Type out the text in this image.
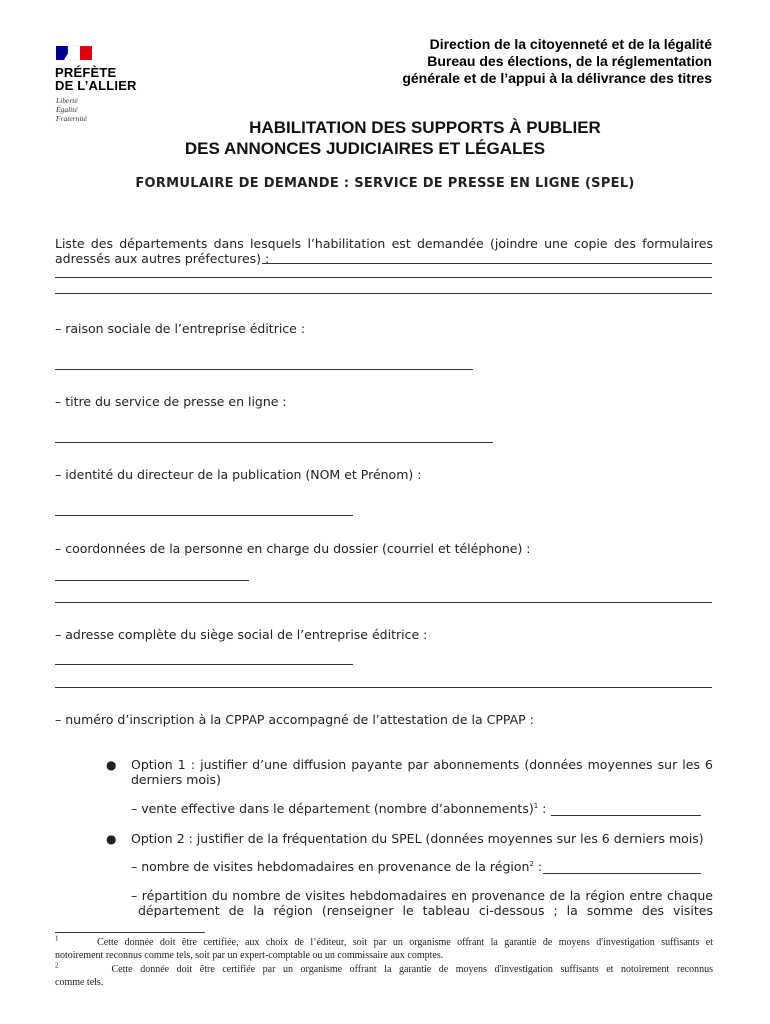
PRÉFÈTE
DE L’ALLIER
Liberté
Égalité
Fraternité
Direction de la citoyenneté et de la légalité
Bureau des élections, de la réglementation
générale et de l’appui à la délivrance des titres
HABILITATION DES SUPPORTS À PUBLIER
DES ANNONCES JUDICIAIRES ET LÉGALES
FORMULAIRE DE DEMANDE : SERVICE DE PRESSE EN LIGNE (SPEL)
Liste des départements dans lesquels l’habilitation est demandée (joindre une copie des formulaires
adressés aux autres préfectures) :
– raison sociale de l’entreprise éditrice :
– titre du service de presse en ligne :
– identité du directeur de la publication (NOM et Prénom) :
– coordonnées de la personne en charge du dossier (courriel et téléphone) :
– adresse complète du siège social de l’entreprise éditrice :
– numéro d’inscription à la CPPAP accompagné de l’attestation de la CPPAP :
● Option 1 : justifier d’une diffusion payante par abonnements (données moyennes sur les 6
derniers mois)
– vente effective dans le département (nombre d’abonnements)$^1$ :
● Option 2 : justifier de la fréquentation du SPEL (données moyennes sur les 6 derniers mois)
– nombre de visites hebdomadaires en provenance de la région$^2$ :
– répartition du nombre de visites hebdomadaires en provenance de la région entre chaque
département de la région (renseigner le tableau ci-dessous ; la somme des visites
$^1$	Cette donnée doit être certifiée, aux choix de l’éditeur, soit par un organisme offrant la garantie de moyens d'investigation suffisants et
notoirement reconnus comme tels, soit par un expert-comptable ou un commissaire aux comptes.
$^2$	Cette donnée doit être certifiée par un organisme offrant la garantie de moyens d'investigation suffisants et notoirement reconnus
comme tels.
